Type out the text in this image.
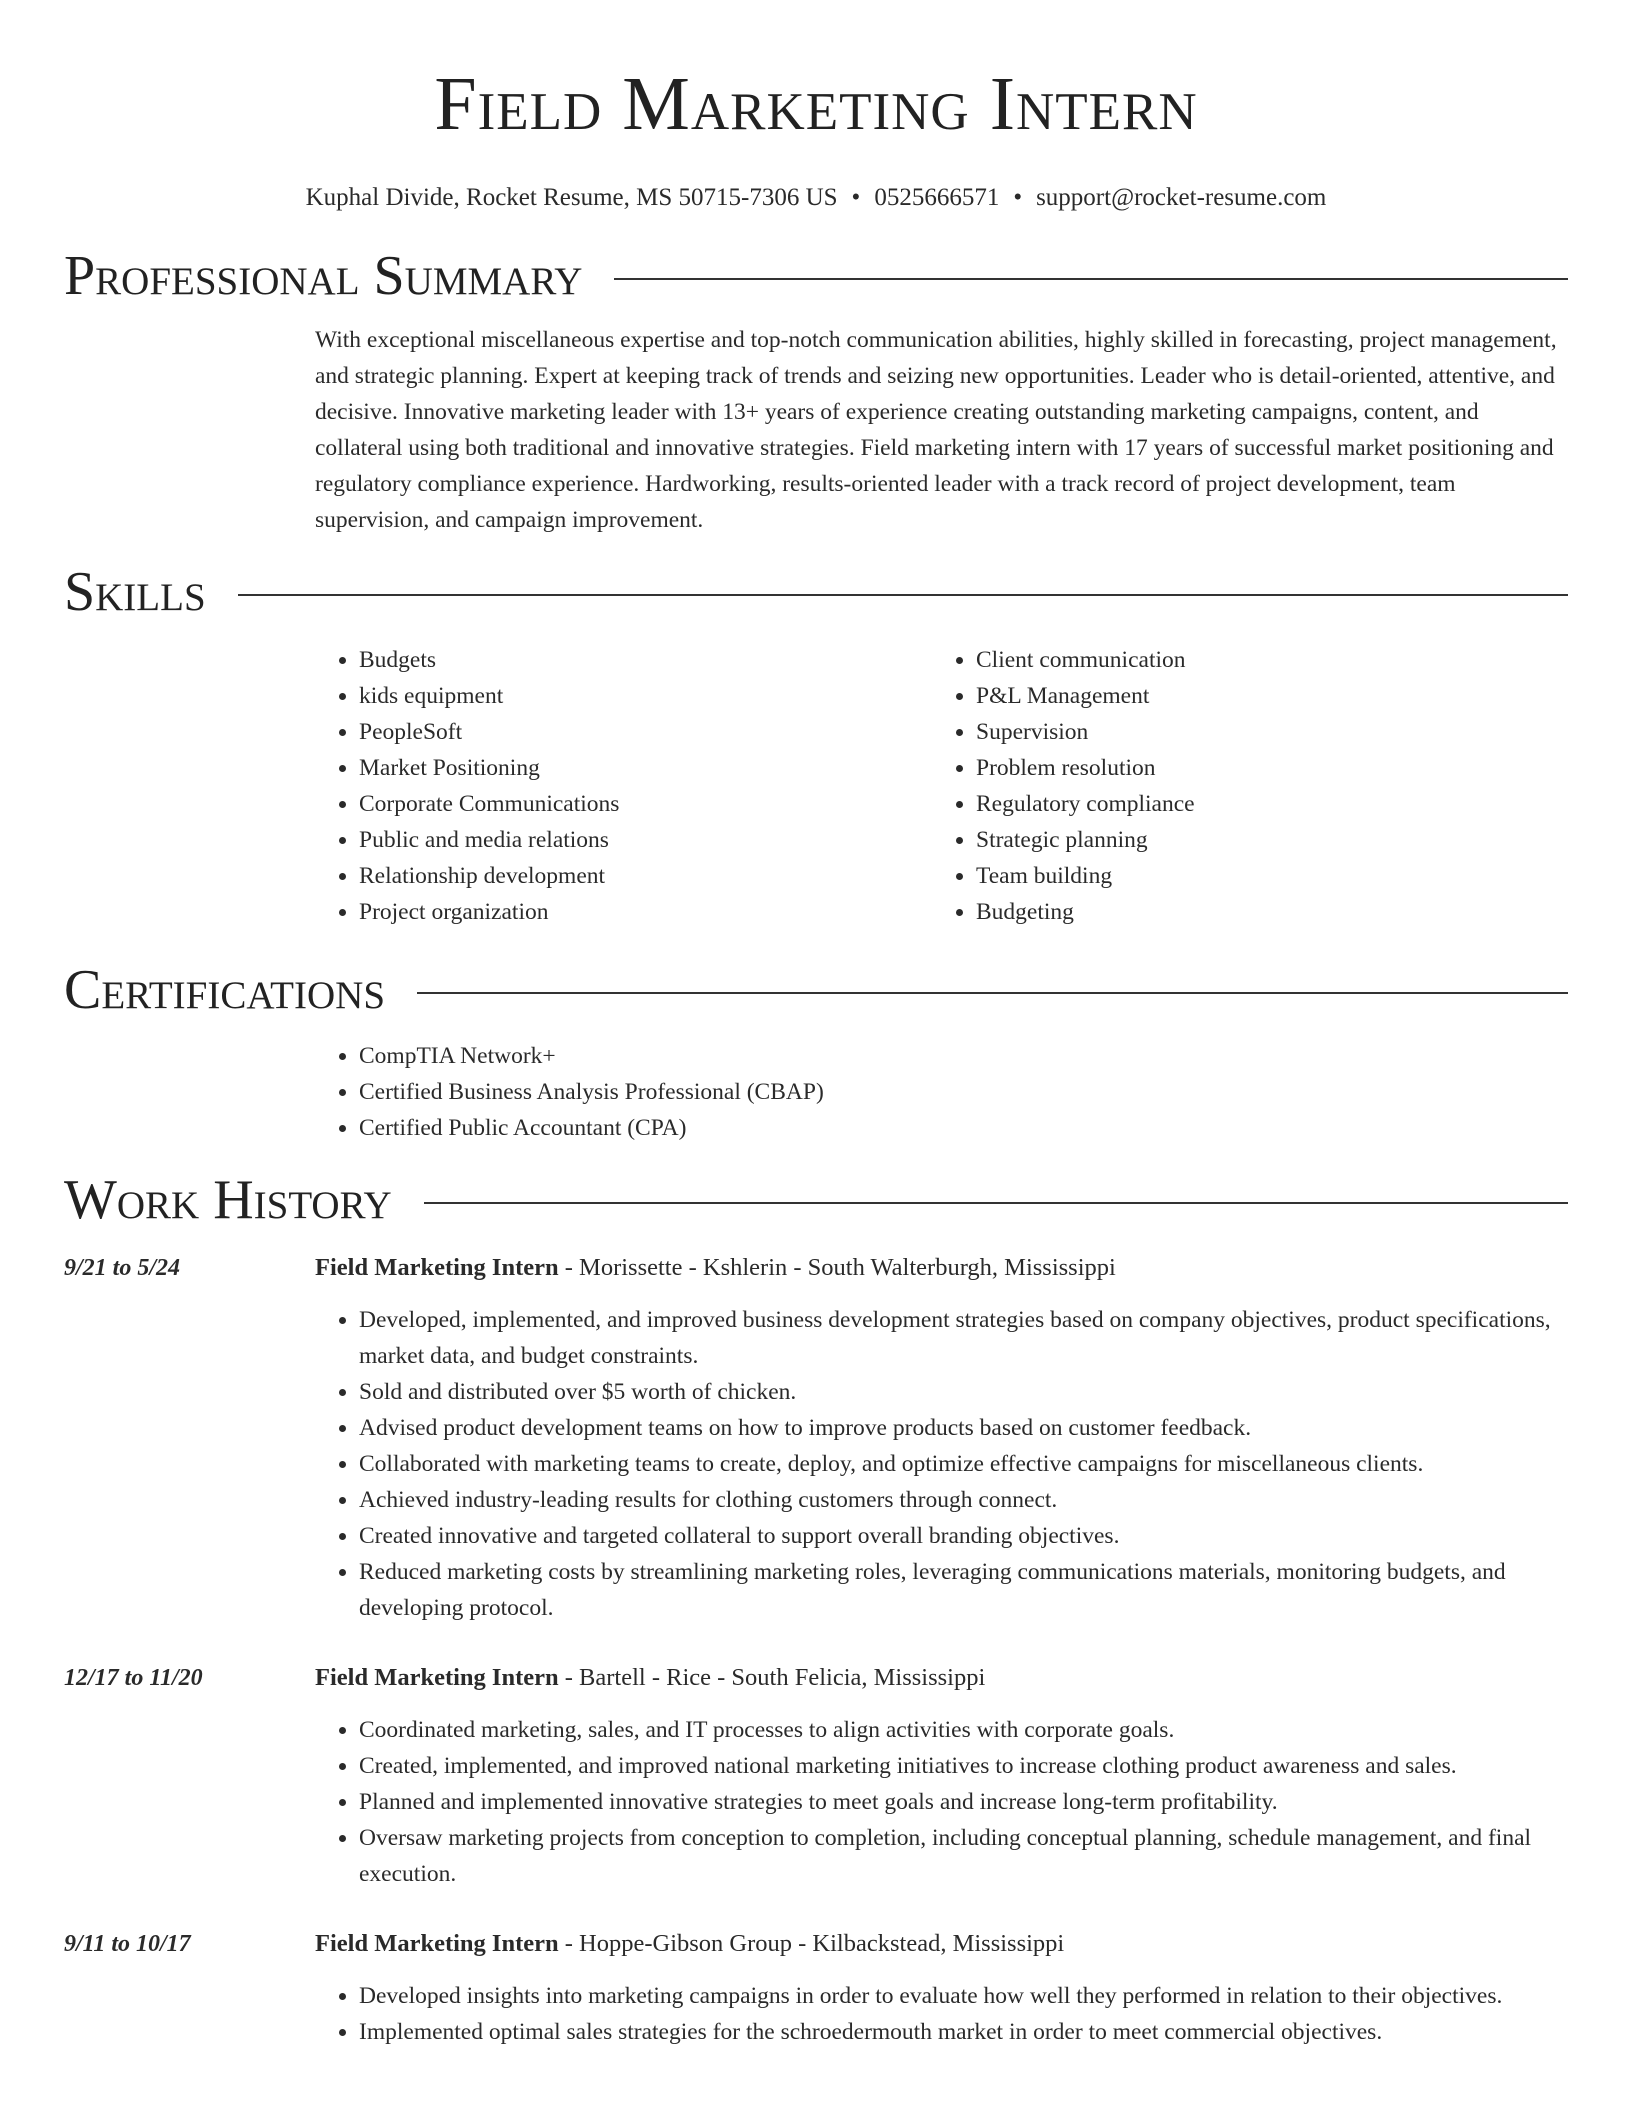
Field Marketing Intern
Kuphal Divide, Rocket Resume, MS 50715-7306 US • 0525666571 • support@rocket-resume.com
Professional Summary

With exceptional miscellaneous expertise and top-notch communication abilities, highly skilled in forecasting, project management, and strategic planning. Expert at keeping track of trends and seizing new opportunities. Leader who is detail-oriented, attentive, and decisive. Innovative marketing leader with 13+ years of experience creating outstanding marketing campaigns, content, and collateral using both traditional and innovative strategies. Field marketing intern with 17 years of successful market positioning and regulatory compliance experience. Hardworking, results-oriented leader with a track record of project development, team supervision, and campaign improvement.

Skills
• Budgets
• kids equipment
• PeopleSoft
• Market Positioning
• Corporate Communications
• Public and media relations
• Relationship development
• Project organization
• Client communication
• P&L Management
• Supervision
• Problem resolution
• Regulatory compliance
• Strategic planning
• Team building
• Budgeting
Certifications
• CompTIA Network+
• Certified Business Analysis Professional (CBAP)
• Certified Public Accountant (CPA)
Work History
9/21 to 5/24	Field Marketing Intern - Morissette - Kshlerin - South Walterburgh, Mississippi
• Developed, implemented, and improved business development strategies based on company objectives, product specifications, market data, and budget constraints.
• Sold and distributed over $5 worth of chicken.
• Advised product development teams on how to improve products based on customer feedback.
• Collaborated with marketing teams to create, deploy, and optimize effective campaigns for miscellaneous clients.
• Achieved industry-leading results for clothing customers through connect.
• Created innovative and targeted collateral to support overall branding objectives.
• Reduced marketing costs by streamlining marketing roles, leveraging communications materials, monitoring budgets, and developing protocol.
12/17 to 11/20	Field Marketing Intern - Bartell - Rice - South Felicia, Mississippi
• Coordinated marketing, sales, and IT processes to align activities with corporate goals.
• Created, implemented, and improved national marketing initiatives to increase clothing product awareness and sales.
• Planned and implemented innovative strategies to meet goals and increase long-term profitability.
• Oversaw marketing projects from conception to completion, including conceptual planning, schedule management, and final execution.
9/11 to 10/17	Field Marketing Intern - Hoppe-Gibson Group - Kilbackstead, Mississippi
• Developed insights into marketing campaigns in order to evaluate how well they performed in relation to their objectives.
• Implemented optimal sales strategies for the schroedermouth market in order to meet commercial objectives.
